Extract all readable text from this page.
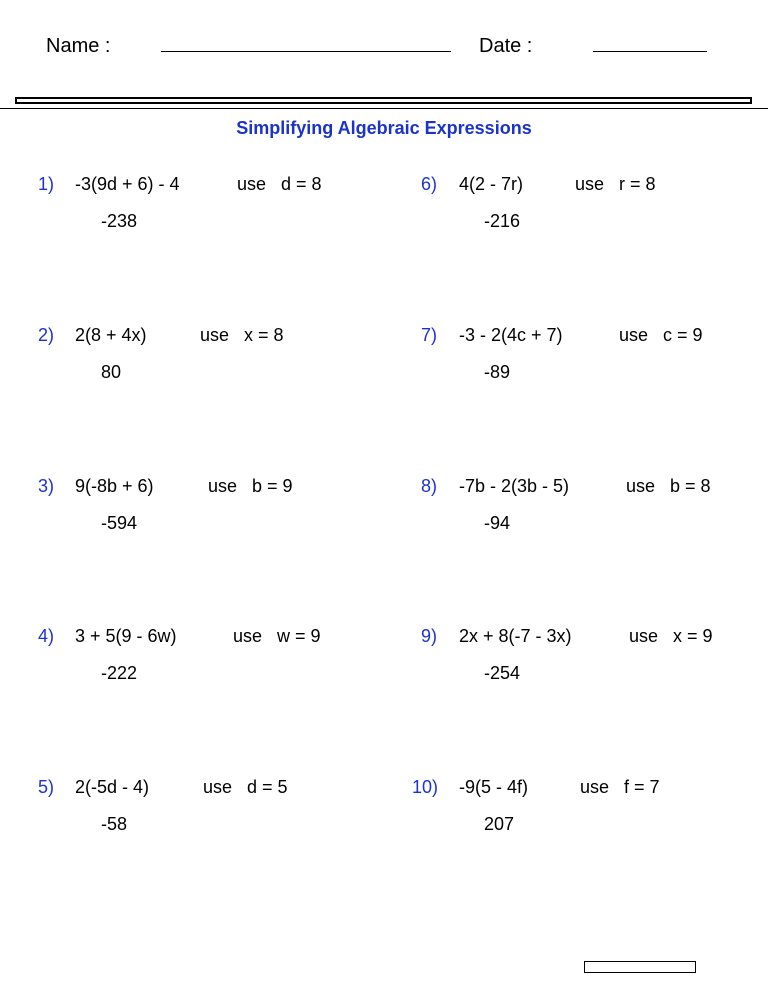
Name :	Date :
Simplifying Algebraic Expressions
1) -3(9d + 6) - 4	use   d = 8
-238
2) 2(8 + 4x)	use   x = 8
80
3) 9(-8b + 6)	use   b = 9
-594
4) 3 + 5(9 - 6w)	use   w = 9
-222
5) 2(-5d - 4)	use   d = 5
-58
6) 4(2 - 7r)	use   r = 8
-216
7) -3 - 2(4c + 7)	use   c = 9
-89
8) -7b - 2(3b - 5)	use   b = 8
-94
9) 2x + 8(-7 - 3x)	use   x = 9
-254
10) -9(5 - 4f)	use   f = 7
207
